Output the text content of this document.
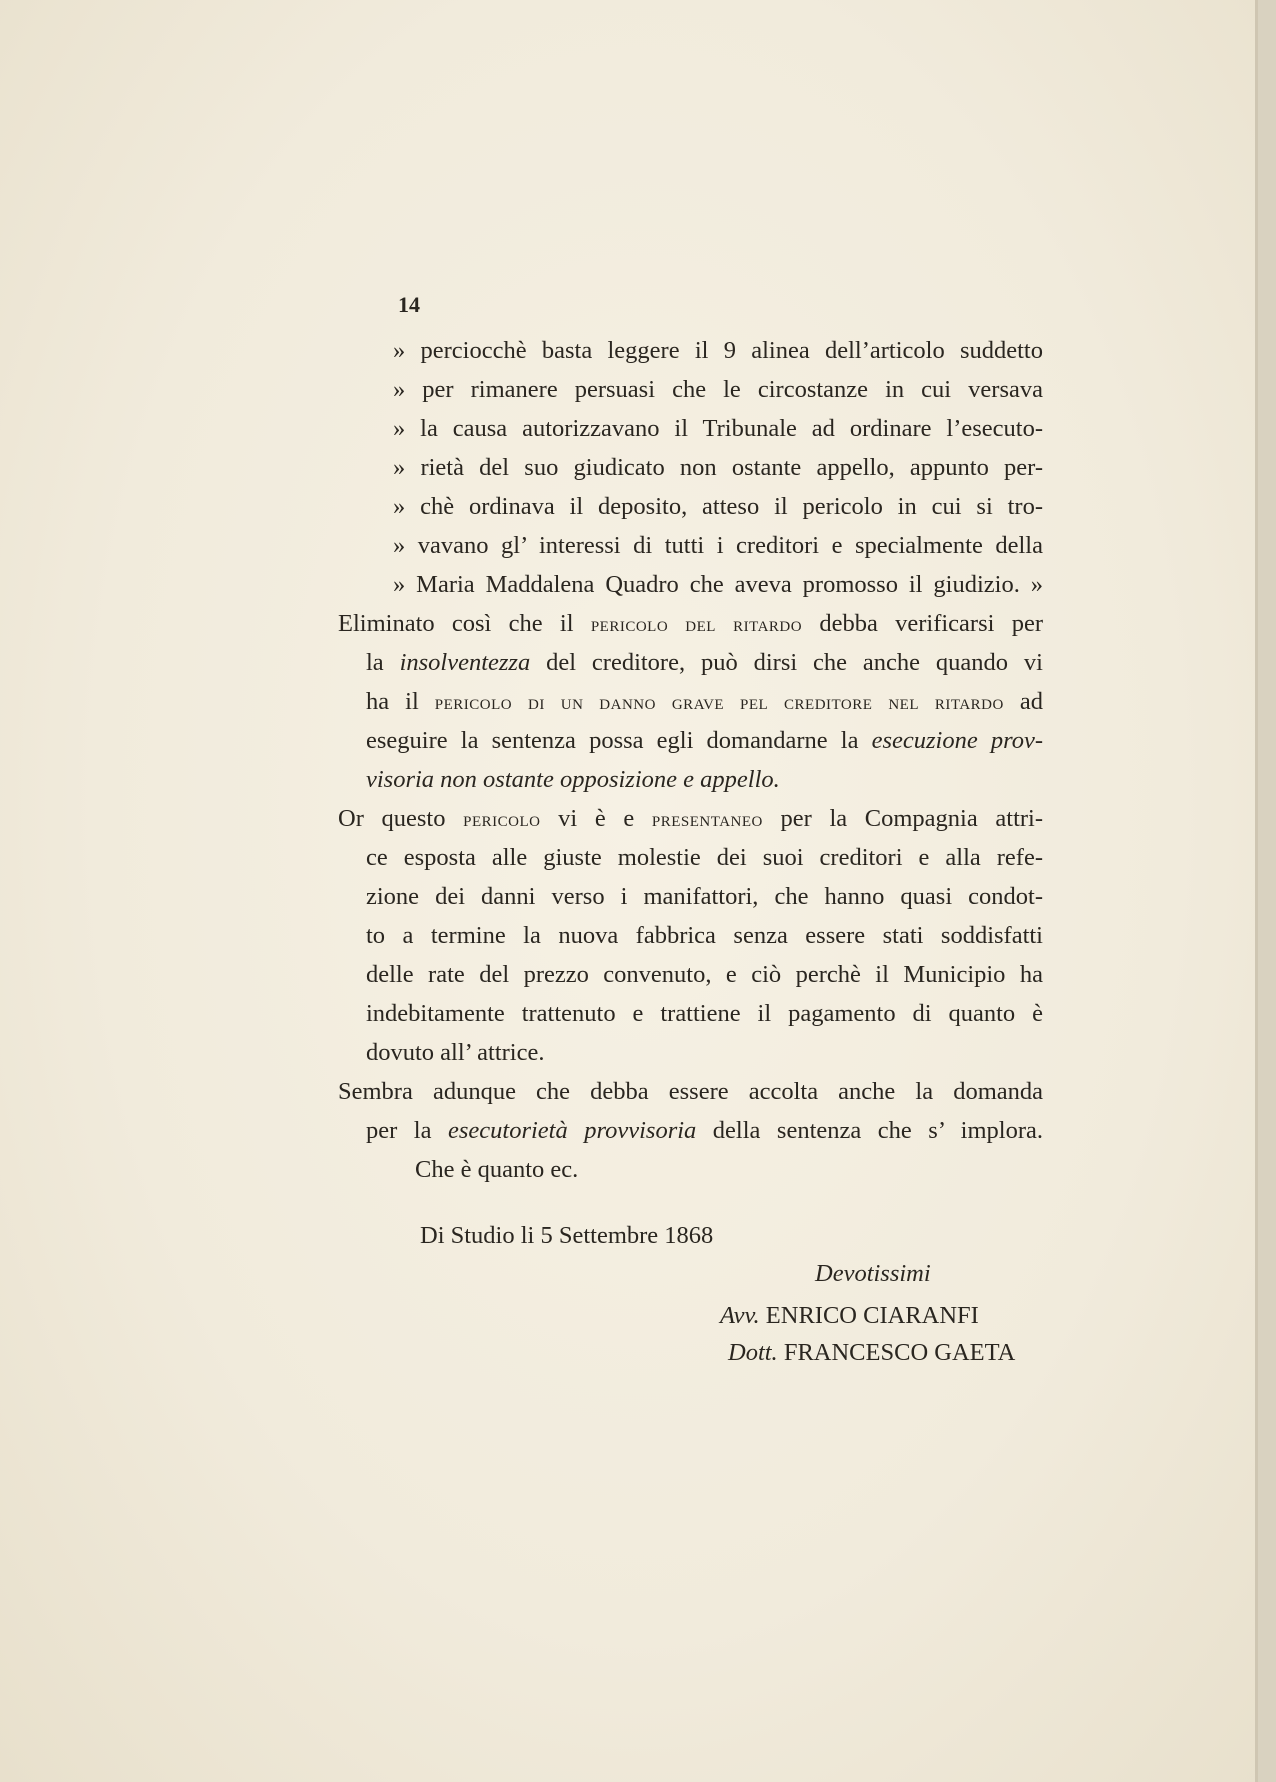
14
» perciocchè basta leggere il 9 alinea dell’articolo suddetto
» per rimanere persuasi che le circostanze in cui versava
» la causa autorizzavano il Tribunale ad ordinare l’esecuto-
» rietà del suo giudicato non ostante appello, appunto per-
» chè ordinava il deposito, atteso il pericolo in cui si tro-
» vavano gl’ interessi di tutti i creditori e specialmente della
» Maria Maddalena Quadro che aveva promosso il giudizio. »
Eliminato così che il pericolo del ritardo debba verificarsi per
la insolventezza del creditore, può dirsi che anche quando vi
ha il pericolo di un danno grave pel creditore nel ritardo ad
eseguire la sentenza possa egli domandarne la esecuzione prov-
visoria non ostante opposizione e appello.
Or questo pericolo vi è e presentaneo per la Compagnia attri-
ce esposta alle giuste molestie dei suoi creditori e alla refe-
zione dei danni verso i manifattori, che hanno quasi condot-
to a termine la nuova fabbrica senza essere stati soddisfatti
delle rate del prezzo convenuto, e ciò perchè il Municipio ha
indebitamente trattenuto e trattiene il pagamento di quanto è
dovuto all’ attrice.
Sembra adunque che debba essere accolta anche la domanda
per la esecutorietà provvisoria della sentenza che s’ implora.
Che è quanto ec.
Di Studio li 5 Settembre 1868
Devotissimi
Avv. ENRICO CIARANFI
Dott. FRANCESCO GAETA
